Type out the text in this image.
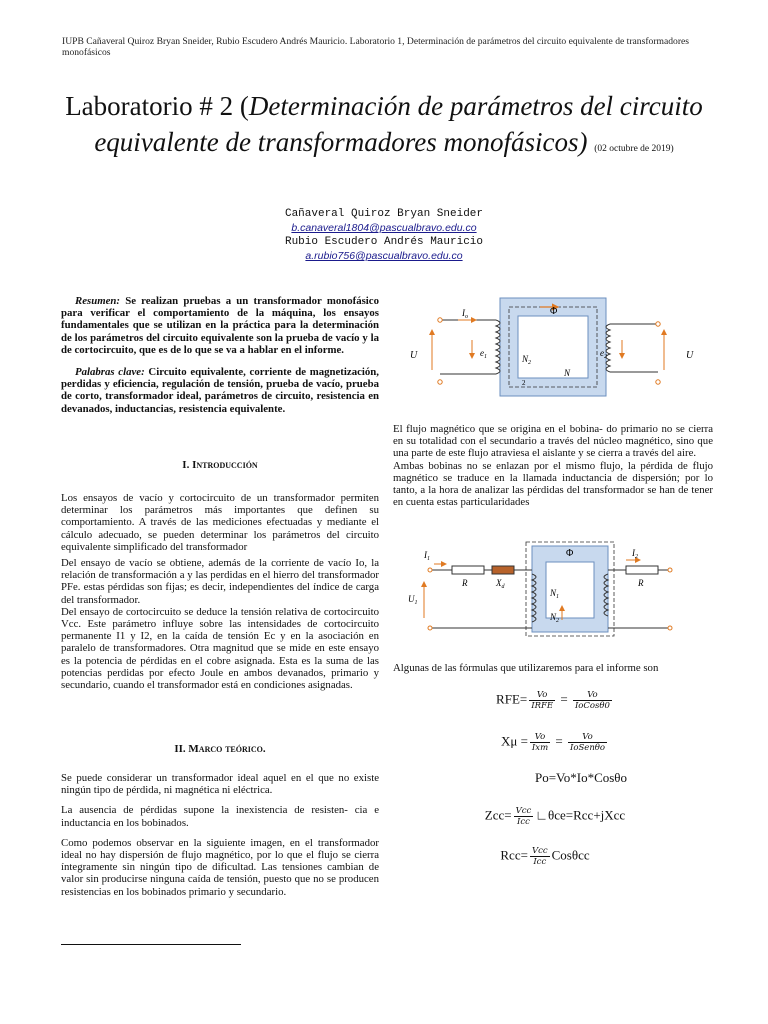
IUPB Cañaveral Quiroz Bryan Sneider, Rubio Escudero Andrés Mauricio. Laboratorio 1, Determinación de parámetros del circuito equivalente de transformadores monofásicos
Laboratorio # 2 (Determinación de parámetros del circuito equivalente de transformadores monofásicos) (02 octubre de 2019)
Cañaveral Quiroz Bryan Sneider
b.canaveral1804@pascualbravo.edu.co
Rubio Escudero Andrés Mauricio
a.rubio756@pascualbravo.edu.co
Resumen: Se realizan pruebas a un transformador monofásico para verificar el comportamiento de la máquina, los ensayos fundamentales que se utilizan en la práctica para la determinación de los parámetros del circuito equivalente son la prueba de vacío y la de cortocircuito, que es de lo que se va a hablar en el informe.
Palabras clave: Circuito equivalente, corriente de magnetización, perdidas y eficiencia, regulación de tensión, prueba de vacío, prueba de corto, transformador ideal, parámetros de circuito, resistencia en devanados, inductancias, resistencia equivalente.
I. Introducción
Los ensayos de vacío y cortocircuito de un transformador permiten determinar los parámetros más importantes que definen su comportamiento. A través de las mediciones efectuadas y mediante el cálculo adecuado, se pueden determinar los parámetros del circuito equivalente simplificado del transformador
Del ensayo de vacío se obtiene, además de la corriente de vacío Io, la relación de transformación a y las perdidas en el hierro del transformador PFe. estas pérdidas son fijas; es decir, independientes del índice de carga del transformador.
Del ensayo de cortocircuito se deduce la tensión relativa de cortocircuito Vcc. Este parámetro influye sobre las intensidades de cortocircuito permanente I1 y I2, en la caída de tensión Ec y en la asociación en paralelo de transformadores. Otra magnitud que se mide en este ensayo es la potencia de pérdidas en el cobre asignada. Esta es la suma de las potencias perdidas por efecto Joule en ambos devanados, primario y secundario, cuando el transformador está en condiciones asignadas.
II. Marco teórico.
Se puede considerar un transformador ideal aquel en el que no existe ningún tipo de pérdida, ni magnética ni eléctrica.
La ausencia de pérdidas supone la inexistencia de resisten- cia e inductancia en los bobinados.
Como podemos observar en la siguiente imagen, en el transformador ideal no hay dispersión de flujo magnético, por lo que el flujo se cierra íntegramente sin ningún tipo de dificultad. Las tensiones cambian de valor sin producirse ninguna caída de tensión, puesto que no se producen resistencias en los bobinados primario y secundario.
Φ
$I_o$
U	U
$e_1$	$e_2$
$N_2$
N
2
El flujo magnético que se origina en el bobina- do primario no se cierra en su totalidad con el secundario a través del núcleo magnético, sino que una parte de este flujo atraviesa el aislante y se cierra a través del aire.
Ambas bobinas no se enlazan por el mismo flujo, la pérdida de flujo magnético se traduce en la llamada inductancia de dispersión; por lo tanto, a la hora de analizar las pérdidas del transformador se han de tener en cuenta estas particularidades
Φ
$I_1$
$I_2$
R	$X_d$	R
$U_1$
$N_1$
$N_2$
Algunas de las fórmulas que utilizaremos para el informe son
$RFE= \frac{Vo}{\text{IRFE}} = \frac{Vo}{\text{IoCosθ0}}$
$X\mu = \frac{Vo}{\text{Ixm}} = \frac{Vo}{\text{IoSenθo}}$
Po=Vo*Io*Cosθo
$Zcc= \frac{\text{Vcc}}{\text{Icc}}$ ∟θce=Rcc+jXcc
$Rcc= \frac{\text{Vcc}}{\text{Icc}}$ Cosθcc
